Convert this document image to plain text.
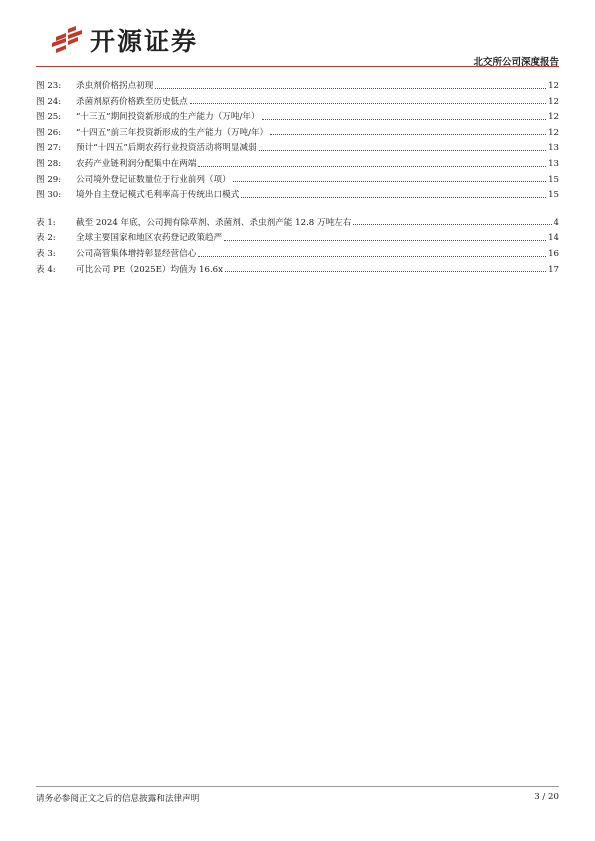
开源证券
北交所公司深度报告
图 23:	杀虫剂价格拐点初现	12
图 24:	杀菌剂原药价格跌至历史低点	12
图 25:	“十三五”期间投资新形成的生产能力（万吨/年）	12
图 26:	“十四五”前三年投资新形成的生产能力（万吨/年）	12
图 27:	预计“十四五”后期农药行业投资活动将明显减弱	13
图 28:	农药产业链利润分配集中在两端	13
图 29:	公司境外登记证数量位于行业前列（项）	15
图 30:	境外自主登记模式毛利率高于传统出口模式	15
表 1:	截至 2024 年底，公司拥有除草剂、杀菌剂、杀虫剂产能 12.8 万吨左右	4
表 2:	全球主要国家和地区农药登记政策趋严	14
表 3:	公司高管集体增持彰显经营信心	16
表 4:	可比公司 PE（2025E）均值为 16.6x	17
请务必参阅正文之后的信息披露和法律声明	3 / 20
